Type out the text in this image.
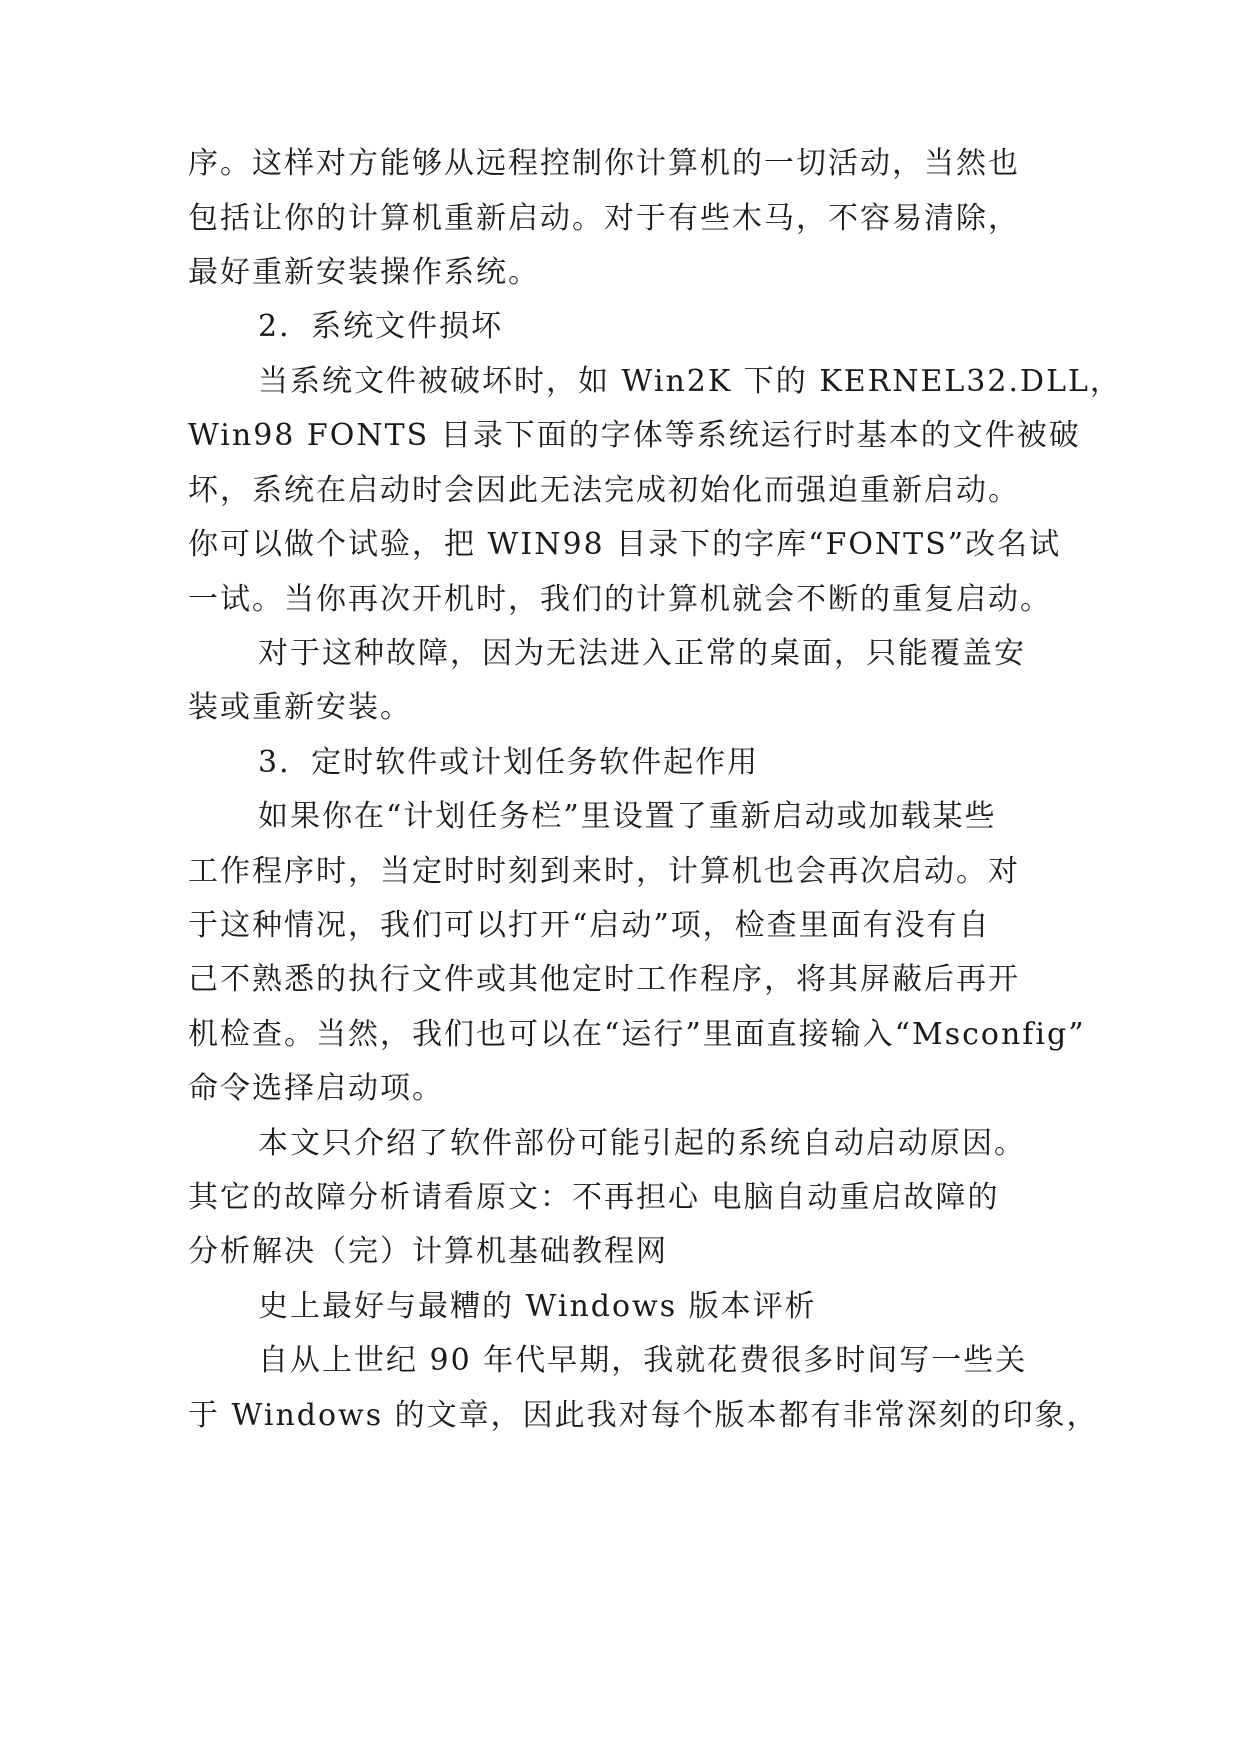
序。这样对方能够从远程控制你计算机的一切活动，当然也
包括让你的计算机重新启动。对于有些木马，不容易清除，
最好重新安装操作系统。
2．系统文件损坏
当系统文件被破坏时，如 Win2K 下的 KERNEL32.DLL，
Win98 FONTS 目录下面的字体等系统运行时基本的文件被破
坏，系统在启动时会因此无法完成初始化而强迫重新启动。
你可以做个试验，把 WIN98 目录下的字库“FONTS”改名试
一试。当你再次开机时，我们的计算机就会不断的重复启动。
对于这种故障，因为无法进入正常的桌面，只能覆盖安
装或重新安装。
3．定时软件或计划任务软件起作用
如果你在“计划任务栏”里设置了重新启动或加载某些
工作程序时，当定时时刻到来时，计算机也会再次启动。对
于这种情况，我们可以打开“启动”项，检查里面有没有自
己不熟悉的执行文件或其他定时工作程序，将其屏蔽后再开
机检查。当然，我们也可以在“运行”里面直接输入“Msconfig”
命令选择启动项。
本文只介绍了软件部份可能引起的系统自动启动原因。
其它的故障分析请看原文：不再担心 电脑自动重启故障的
分析解决（完）计算机基础教程网
史上最好与最糟的 Windows 版本评析
自从上世纪 90 年代早期，我就花费很多时间写一些关
于 Windows 的文章，因此我对每个版本都有非常深刻的印象，
